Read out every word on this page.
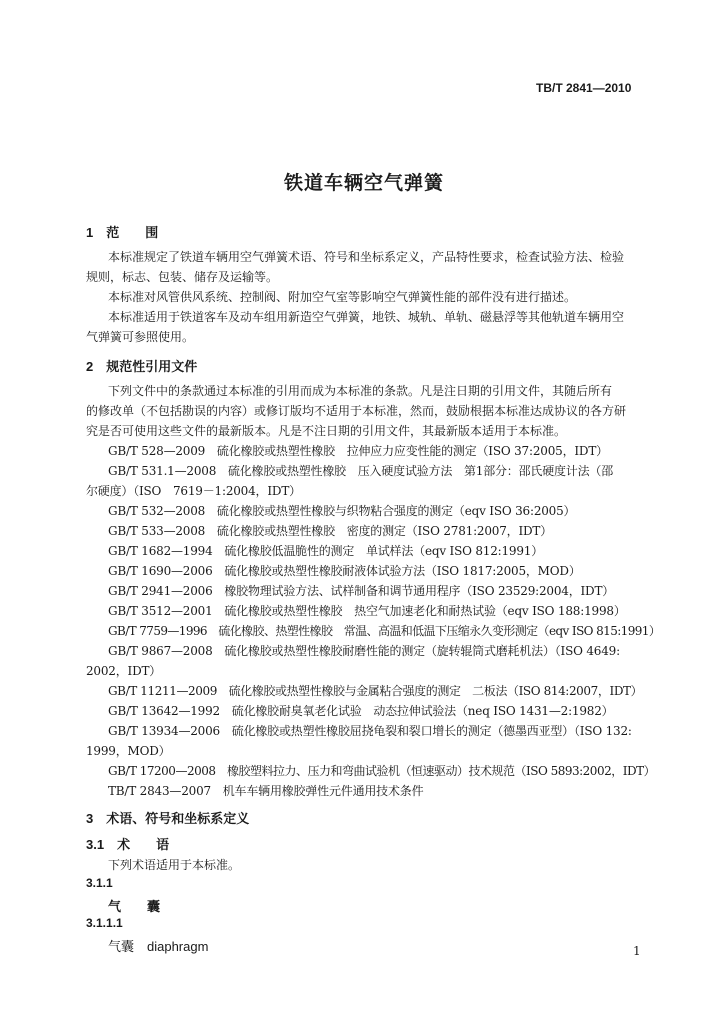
TB/T 2841—2010
铁道车辆空气弹簧
1　范　　围
本标准规定了铁道车辆用空气弹簧术语、符号和坐标系定义，产品特性要求，检查试验方法、检验
规则，标志、包装、储存及运输等。
本标准对风管供风系统、控制阀、附加空气室等影响空气弹簧性能的部件没有进行描述。
本标准适用于铁道客车及动车组用新造空气弹簧，地铁、城轨、单轨、磁悬浮等其他轨道车辆用空
气弹簧可参照使用。
2　规范性引用文件
下列文件中的条款通过本标准的引用而成为本标准的条款。凡是注日期的引用文件，其随后所有
的修改单（不包括勘误的内容）或修订版均不适用于本标准，然而，鼓励根据本标准达成协议的各方研
究是否可使用这些文件的最新版本。凡是不注日期的引用文件，其最新版本适用于本标准。
GB/T 528—2009　硫化橡胶或热塑性橡胶　拉伸应力应变性能的测定（ISO 37:2005，IDT）
GB/T 531.1—2008　硫化橡胶或热塑性橡胶　压入硬度试验方法　第1部分：邵氏硬度计法（邵
尔硬度）（ISO　7619－1:2004，IDT）
GB/T 532—2008　硫化橡胶或热塑性橡胶与织物粘合强度的测定（eqv ISO 36:2005）
GB/T 533—2008　硫化橡胶或热塑性橡胶　密度的测定（ISO 2781:2007，IDT）
GB/T 1682—1994　硫化橡胶低温脆性的测定　单试样法（eqv ISO 812:1991）
GB/T 1690—2006　硫化橡胶或热塑性橡胶耐液体试验方法（ISO 1817:2005，MOD）
GB/T 2941—2006　橡胶物理试验方法、试样制备和调节通用程序（ISO 23529:2004，IDT）
GB/T 3512—2001　硫化橡胶或热塑性橡胶　热空气加速老化和耐热试验（eqv ISO 188:1998）
GB/T 7759—1996　硫化橡胶、热塑性橡胶　常温、高温和低温下压缩永久变形测定（eqv ISO 815:1991）
GB/T 9867—2008　硫化橡胶或热塑性橡胶耐磨性能的测定（旋转辊筒式磨耗机法）（ISO 4649:
2002，IDT）
GB/T 11211—2009　硫化橡胶或热塑性橡胶与金属粘合强度的测定　二板法（ISO 814:2007，IDT）
GB/T 13642—1992　硫化橡胶耐臭氧老化试验　动态拉伸试验法（neq ISO 1431—2:1982）
GB/T 13934—2006　硫化橡胶或热塑性橡胶屈挠龟裂和裂口增长的测定（德墨西亚型）（ISO 132:
1999，MOD）
GB/T 17200—2008　橡胶塑料拉力、压力和弯曲试验机（恒速驱动）技术规范（ISO 5893:2002，IDT）
TB/T 2843—2007　机车车辆用橡胶弹性元件通用技术条件
3　术语、符号和坐标系定义
3.1　术　　语
下列术语适用于本标准。
3.1.1
气　　囊
3.1.1.1
气囊　diaphragm	1
